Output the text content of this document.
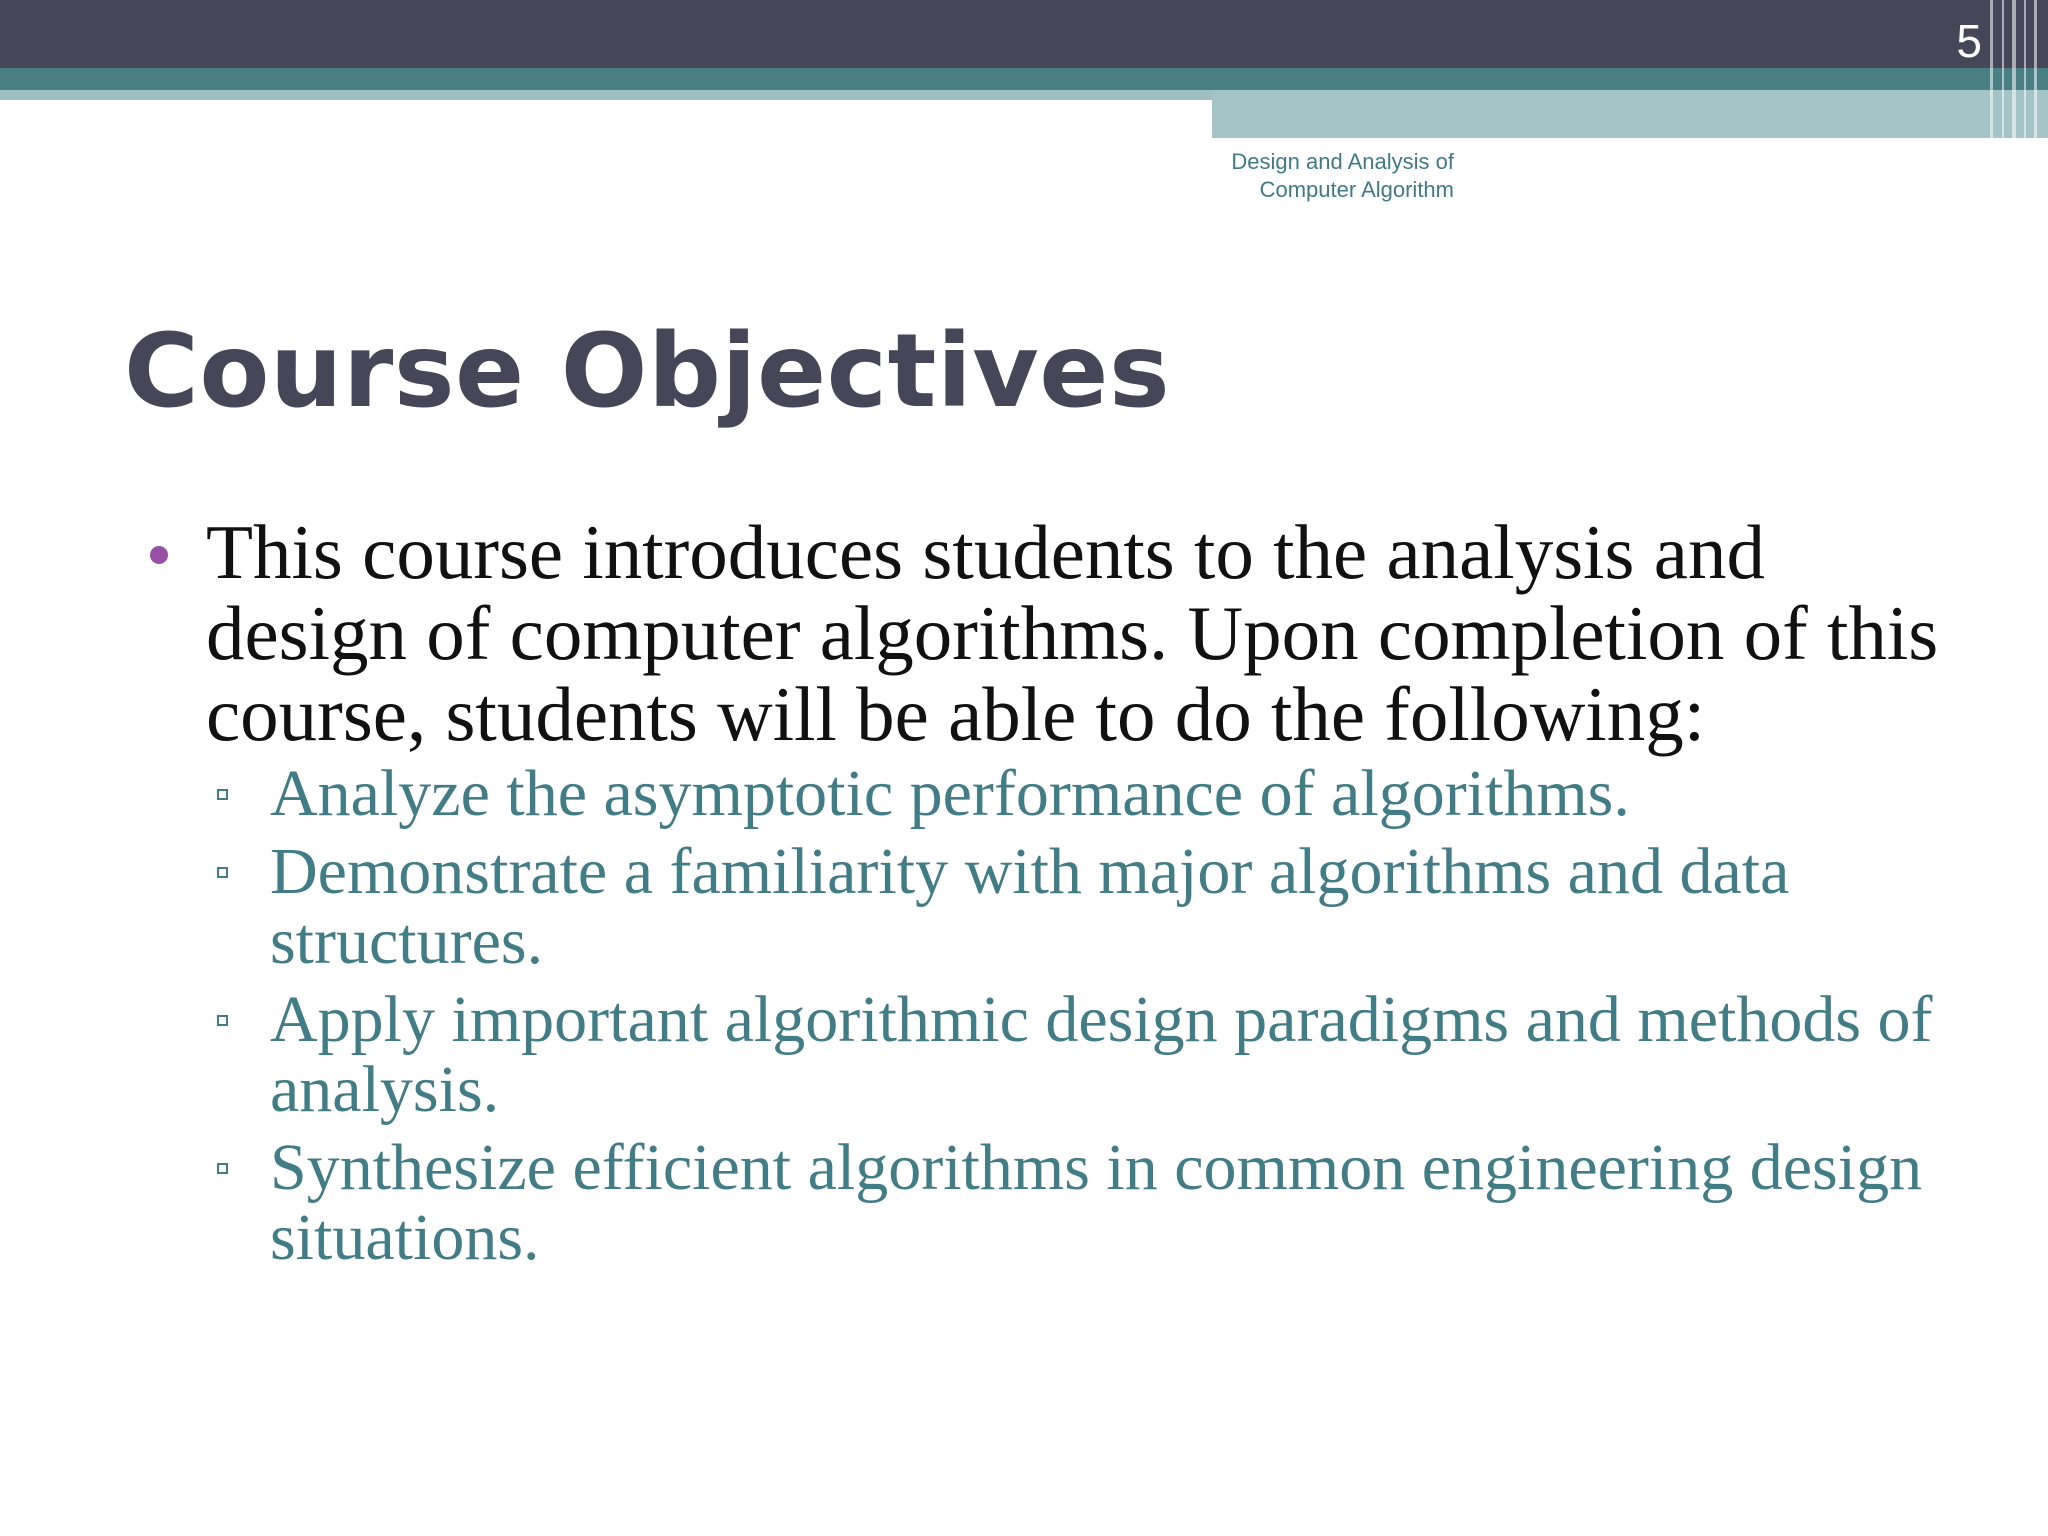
5
Design and Analysis of
Computer Algorithm
Course Objectives
This course introduces students to the analysis and design of computer algorithms. Upon completion of this course, students will be able to do the following:
Analyze the asymptotic performance of algorithms.
Demonstrate a familiarity with major algorithms and data structures.
Apply important algorithmic design paradigms and methods of analysis.
Synthesize efficient algorithms in common engineering design situations.
